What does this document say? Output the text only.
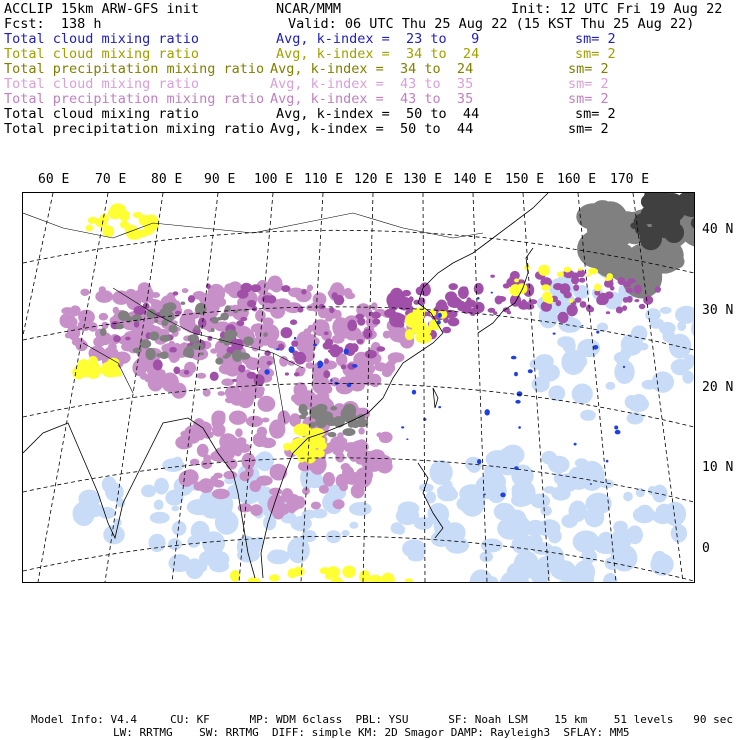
ACCLIP 15km ARW-GFS init	NCAR/MMM	Init: 12 UTC Fri 19 Aug 22
Fcst:  138 h	Valid: 06 UTC Thu 25 Aug 22 (15 KST Thu 25 Aug 22)
Total cloud mixing ratio	Avg, k-index =  23 to   9	sm= 2
Total cloud mixing ratio	Avg, k-index =  34 to  24	sm= 2
Total precipitation mixing ratio Avg, k-index =  34 to  24	sm= 2
Total cloud mixing ratio	Avg, k-index =  43 to  35	sm= 2
Total precipitation mixing ratio Avg, k-index =  43 to  35	sm= 2
Total cloud mixing ratio	Avg, k-index =  50 to  44	sm= 2
Total precipitation mixing ratio Avg, k-index =  50 to  44	sm= 2
60 E 70 E 80 E 90 E 100 E 110 E 120 E 130 E 140 E 150 E 160 E 170 E
40 N
30 N
20 N
10 N
0
Model Info: V4.4     CU: KF      MP: WDM 6class  PBL: YSU      SF: Noah LSM    15 km    51 levels   90 sec
LW: RRTMG    SW: RRTMG  DIFF: simple KM: 2D Smagor DAMP: Rayleigh3  SFLAY: MM5
